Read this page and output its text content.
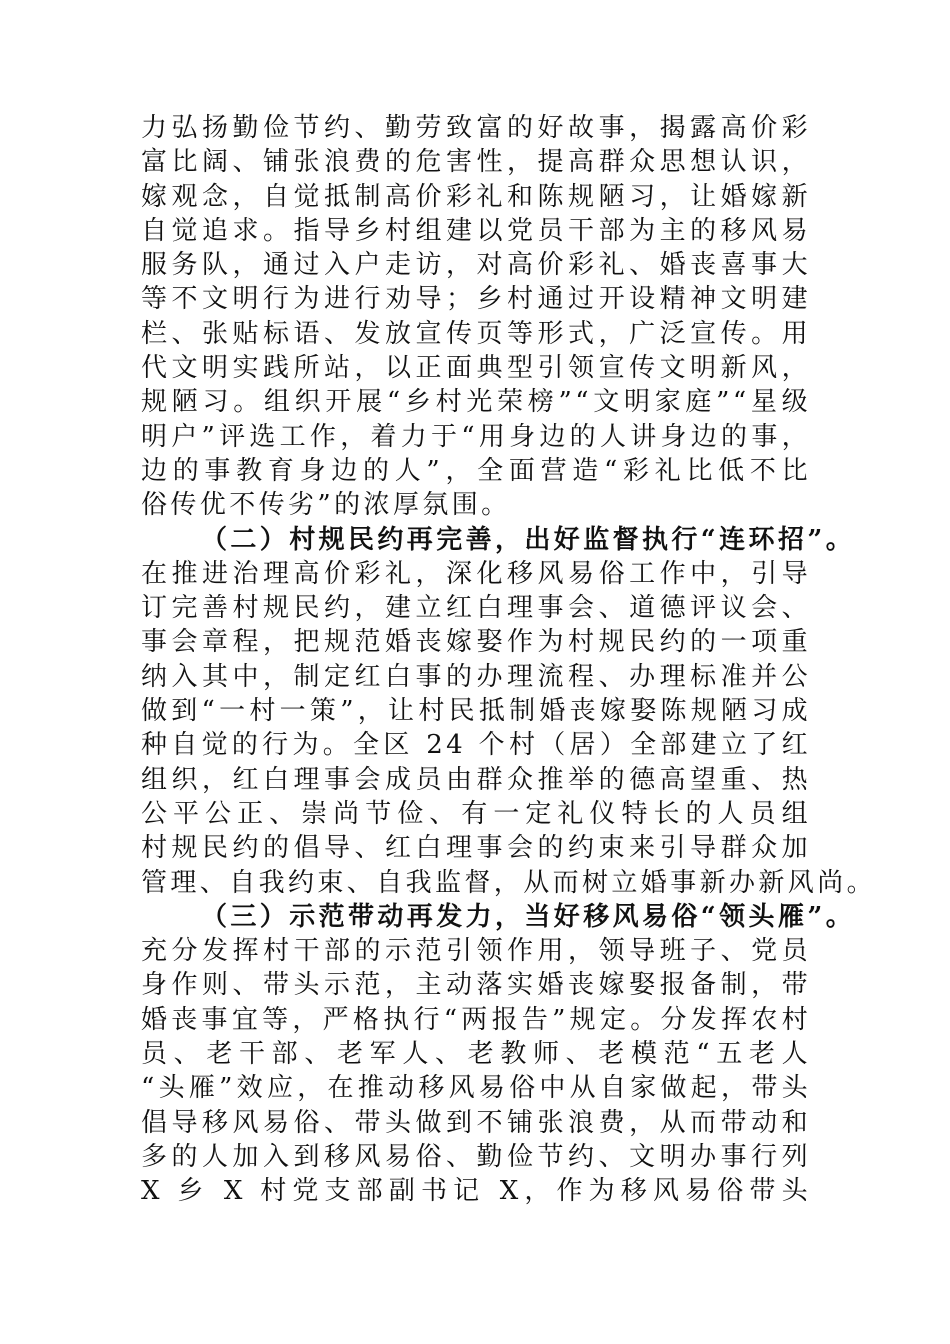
力弘扬勤俭节约、勤劳致富的好故事，揭露高价彩
富比阔、铺张浪费的危害性，提高群众思想认识，
嫁观念，自觉抵制高价彩礼和陈规陋习，让婚嫁新
自觉追求。指导乡村组建以党员干部为主的移风易
服务队，通过入户走访，对高价彩礼、婚丧喜事大
等不文明行为进行劝导；乡村通过开设精神文明建
栏、张贴标语、发放宣传页等形式，广泛宣传。用
代文明实践所站，以正面典型引领宣传文明新风，
规陋习。组织开展“乡村光荣榜”“文明家庭”“星级
明户”评选工作，着力于“用身边的人讲身边的事，
边的事教育身边的人”，全面营造“彩礼比低不比
俗传优不传劣”的浓厚氛围。
（二）村规民约再完善，出好监督执行“连环招”。
在推进治理高价彩礼，深化移风易俗工作中，引导
订完善村规民约，建立红白理事会、道德评议会、
事会章程，把规范婚丧嫁娶作为村规民约的一项重
纳入其中，制定红白事的办理流程、办理标准并公
做到“一村一策”，让村民抵制婚丧嫁娶陈规陋习成
种自觉的行为。全区 24 个村（居）全部建立了红
组织，红白理事会成员由群众推举的德高望重、热
公平公正、崇尚节俭、有一定礼仪特长的人员组
村规民约的倡导、红白理事会的约束来引导群众加
管理、自我约束、自我监督，从而树立婚事新办新风尚。
（三）示范带动再发力，当好移风易俗“领头雁”。
充分发挥村干部的示范引领作用，领导班子、党员
身作则、带头示范，主动落实婚丧嫁娶报备制，带
婚丧事宜等，严格执行“两报告”规定。分发挥农村
员、老干部、老军人、老教师、老模范“五老人
“头雁”效应，在推动移风易俗中从自家做起，带头
倡导移风易俗、带头做到不铺张浪费，从而带动和
多的人加入到移风易俗、勤俭节约、文明办事行列
X 乡 X 村党支部副书记 X，作为移风易俗带头
